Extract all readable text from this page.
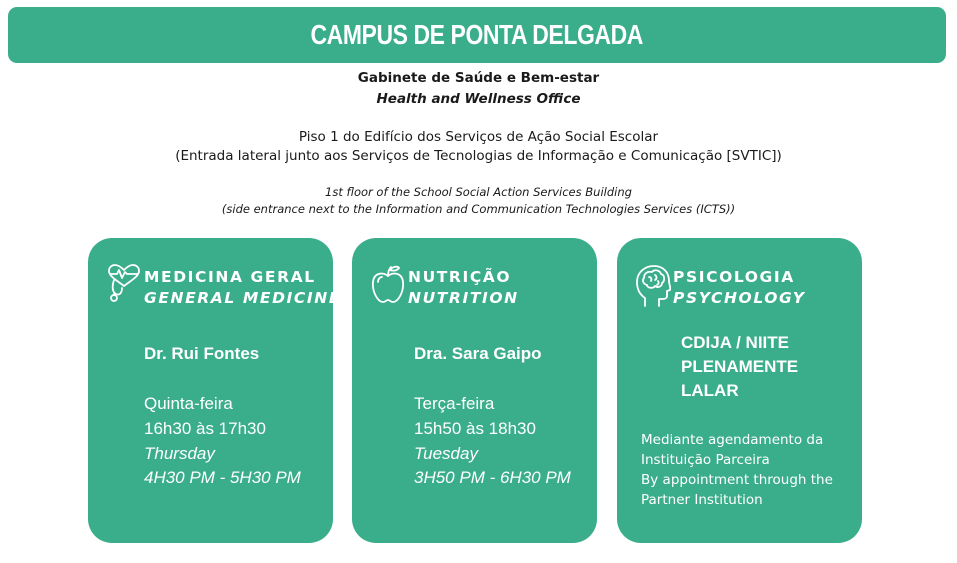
CAMPUS DE PONTA DELGADA
Gabinete de Saúde e Bem-estar
Health and Wellness Office
Piso 1 do Edifício dos Serviços de Ação Social Escolar
(Entrada lateral junto aos Serviços de Tecnologias de Informação e Comunicação [SVTIC])
1st floor of the School Social Action Services Building
(side entrance next to the Information and Communication Technologies Services (ICTS))
MEDICINA GERAL
GENERAL MEDICINE
Dr. Rui Fontes
Quinta-feira
16h30 às 17h30
Thursday
4H30 PM - 5H30 PM
NUTRIÇÃO
NUTRITION
Dra. Sara Gaipo
Terça-feira
15h50 às 18h30
Tuesday
3H50 PM - 6H30 PM
PSICOLOGIA
PSYCHOLOGY
CDIJA / NIITE
PLENAMENTE
LALAR
Mediante agendamento da
Instituição Parceira
By appointment through the
Partner Institution
